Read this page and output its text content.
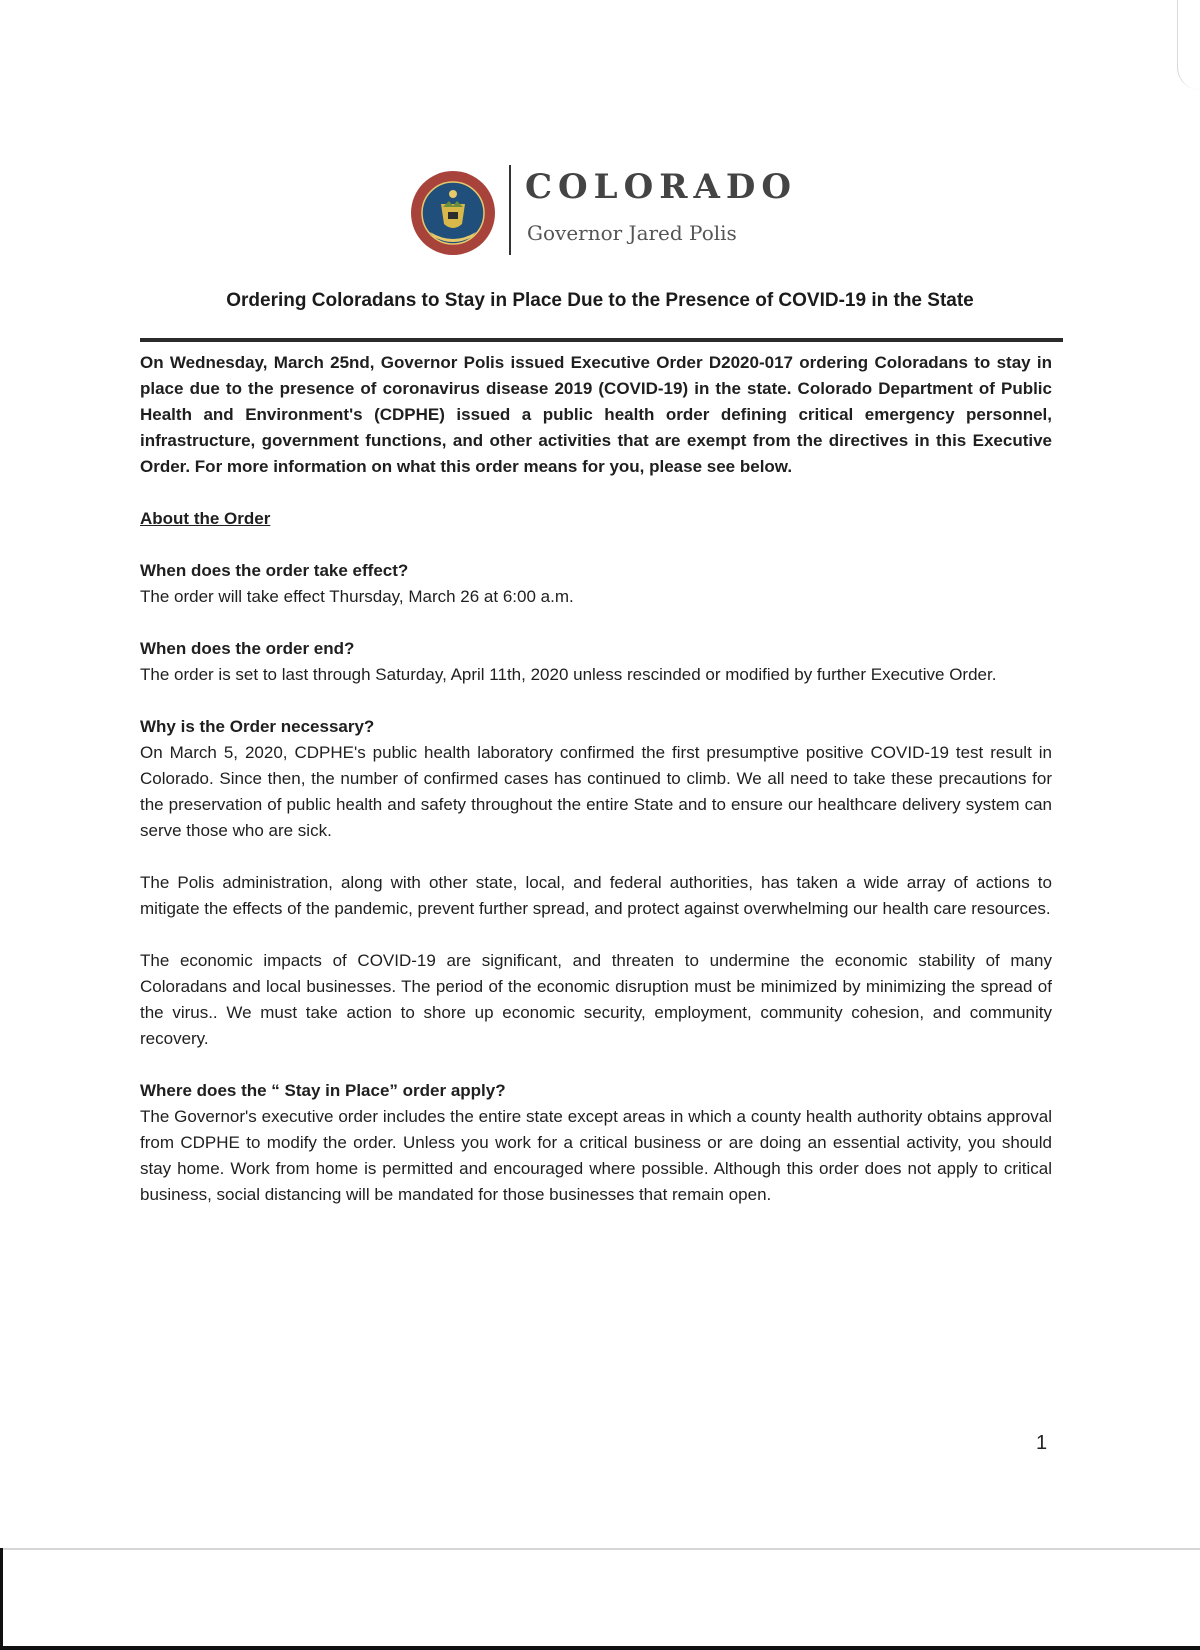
COLORADO
Governor Jared Polis
Ordering Coloradans to Stay in Place Due to the Presence of COVID-19 in the State

On Wednesday, March 25nd, Governor Polis issued Executive Order D2020-017 ordering Coloradans to stay in place due to the presence of coronavirus disease 2019 (COVID-19) in the state. Colorado Department of Public Health and Environment's (CDPHE) issued a public health order defining critical emergency personnel, infrastructure, government functions, and other activities that are exempt from the directives in this Executive Order. For more information on what this order means for you, please see below.

About the Order

When does the order take effect?

The order will take effect Thursday, March 26 at 6:00 a.m.

When does the order end?

The order is set to last through Saturday, April 11th, 2020 unless rescinded or modified by further Executive Order.

Why is the Order necessary?

On March 5, 2020, CDPHE's public health laboratory confirmed the first presumptive positive COVID-19 test result in Colorado. Since then, the number of confirmed cases has continued to climb. We all need to take these precautions for the preservation of public health and safety throughout the entire State and to ensure our healthcare delivery system can serve those who are sick.

The Polis administration, along with other state, local, and federal authorities, has taken a wide array of actions to mitigate the effects of the pandemic, prevent further spread, and protect against overwhelming our health care resources.

The economic impacts of COVID-19 are significant, and threaten to undermine the economic stability of many Coloradans and local businesses. The period of the economic disruption must be minimized by minimizing the spread of the virus.. We must take action to shore up economic security, employment, community cohesion, and community recovery.

Where does the “ Stay in Place” order apply?

The Governor's executive order includes the entire state except areas in which a county health authority obtains approval from CDPHE to modify the order. Unless you work for a critical business or are doing an essential activity, you should stay home. Work from home is permitted and encouraged where possible. Although this order does not apply to critical business, social distancing will be mandated for those businesses that remain open.

1
